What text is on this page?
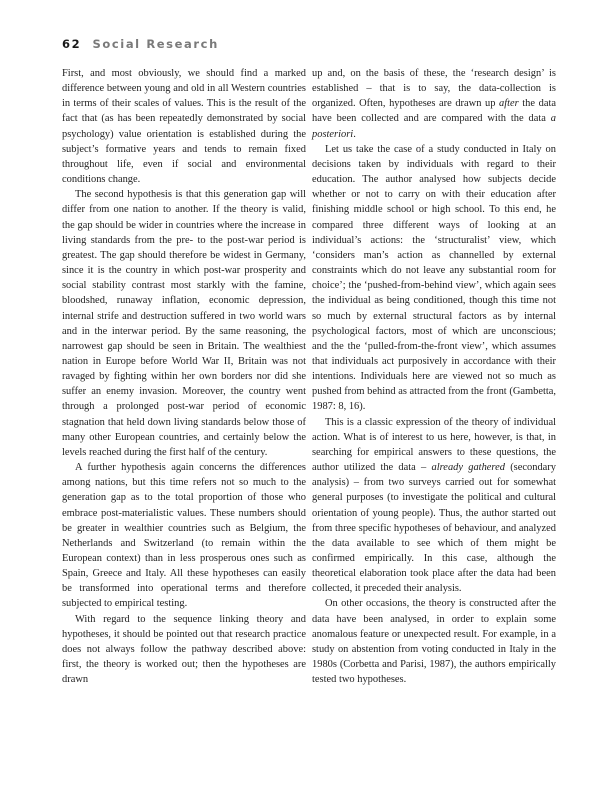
62 Social Research

First, and most obviously, we should find a marked difference between young and old in all Western countries in terms of their scales of values. This is the result of the fact that (as has been repeatedly demonstrated by social psychology) value orientation is established during the subject’s formative years and tends to remain fixed throughout life, even if social and environmental conditions change.

The second hypothesis is that this generation gap will differ from one nation to another. If the theory is valid, the gap should be wider in countries where the increase in living standards from the pre- to the post-war period is greatest. The gap should therefore be widest in Germany, since it is the country in which post-war prosperity and social stability contrast most starkly with the famine, bloodshed, runaway inflation, economic depression, internal strife and destruction suffered in two world wars and in the interwar period. By the same reasoning, the narrowest gap should be seen in Britain. The wealthiest nation in Europe before World War II, Britain was not ravaged by fighting within her own borders nor did she suffer an enemy invasion. Moreover, the country went through a prolonged post-war period of economic stagnation that held down living standards below those of many other European countries, and certainly below the levels reached during the first half of the century.

A further hypothesis again concerns the differences among nations, but this time refers not so much to the generation gap as to the total proportion of those who embrace post-materialistic values. These numbers should be greater in wealthier countries such as Belgium, the Netherlands and Switzerland (to remain within the European context) than in less prosperous ones such as Spain, Greece and Italy. All these hypotheses can easily be transformed into operational terms and therefore subjected to empirical testing.

With regard to the sequence linking theory and hypotheses, it should be pointed out that research practice does not always follow the pathway described above: first, the theory is worked out; then the hypotheses are drawn

up and, on the basis of these, the ‘research design’ is established – that is to say, the data-collection is organized. Often, hypotheses are drawn up after the data have been collected and are compared with the data a posteriori.

Let us take the case of a study conducted in Italy on decisions taken by individuals with regard to their education. The author analysed how subjects decide whether or not to carry on with their education after finishing middle school or high school. To this end, he compared three different ways of looking at an individual’s actions: the ‘structuralist’ view, which ‘considers man’s action as channelled by external constraints which do not leave any substantial room for choice’; the ‘pushed-from-behind view’, which again sees the individual as being conditioned, though this time not so much by external structural factors as by internal psychological factors, most of which are unconscious; and the the ‘pulled-from-the-front view’, which assumes that individuals act purposively in accordance with their intentions. Individuals here are viewed not so much as pushed from behind as attracted from the front (Gambetta, 1987: 8, 16).

This is a classic expression of the theory of individual action. What is of interest to us here, however, is that, in searching for empirical answers to these questions, the author utilized the data – already gathered (secondary analysis) – from two surveys carried out for somewhat general purposes (to investigate the political and cultural orientation of young people). Thus, the author started out from three specific hypotheses of behaviour, and analyzed the data available to see which of them might be confirmed empirically. In this case, although the theoretical elaboration took place after the data had been collected, it preceded their analysis.

On other occasions, the theory is constructed after the data have been analysed, in order to explain some anomalous feature or unexpected result. For example, in a study on abstention from voting conducted in Italy in the 1980s (Corbetta and Parisi, 1987), the authors empirically tested two hypotheses.
